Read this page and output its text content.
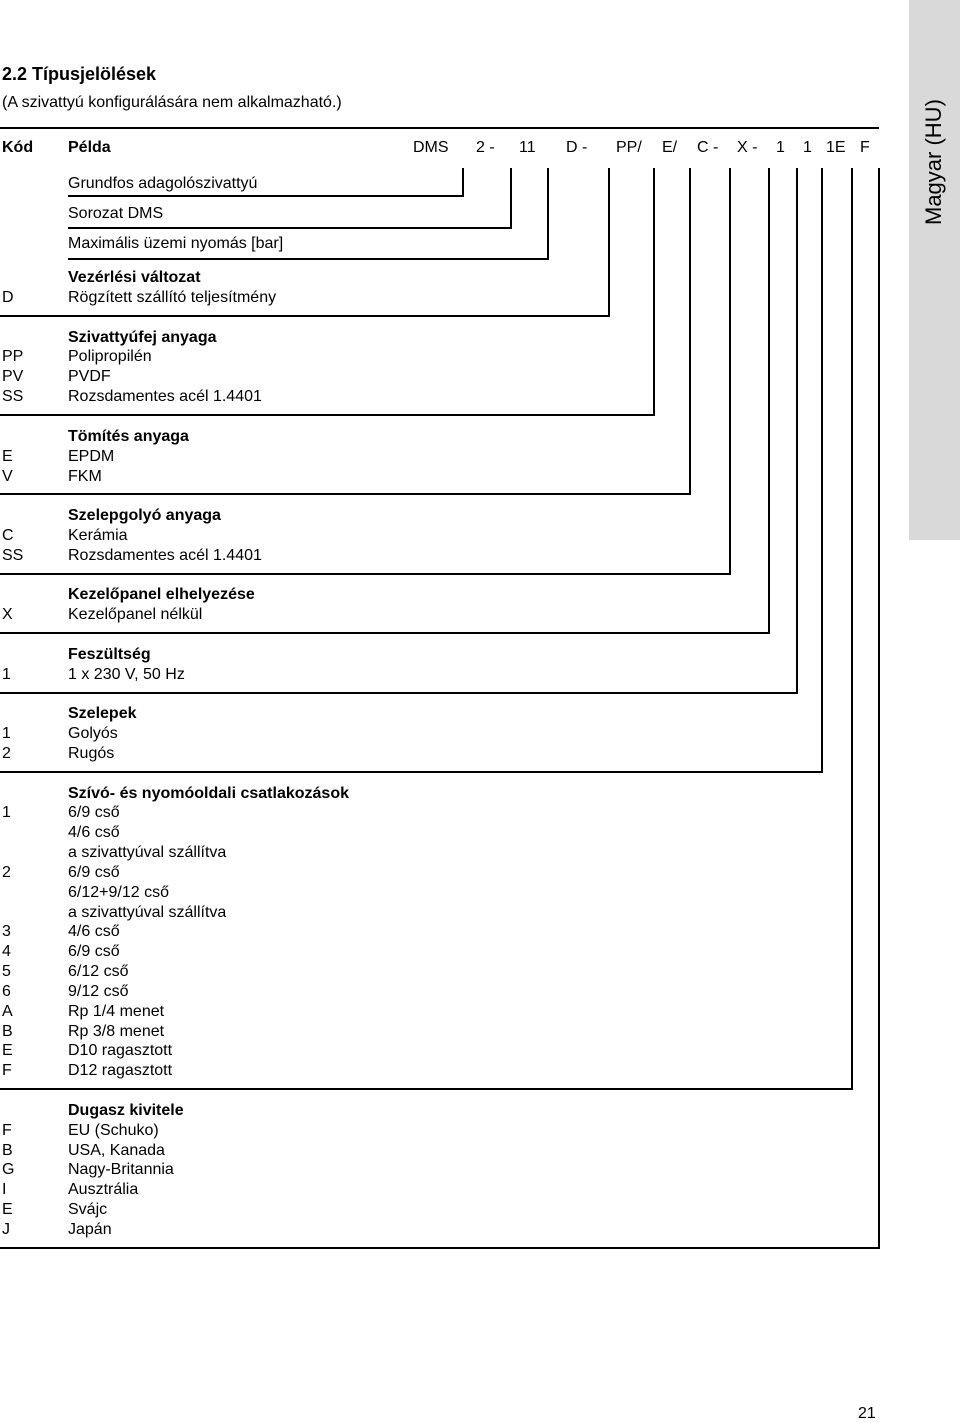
Magyar (HU)
2.2 Típusjelölések
(A szivattyú konfigurálására nem alkalmazható.)
Kód Példa	DMS 2 - 11 D - PP/ E/ C - X - 1 1 1E F
Grundfos adagolószivattyú
Sorozat DMS
Maximális üzemi nyomás [bar]
Vezérlési változat
D	Rögzített szállító teljesítmény
Szivattyúfej anyaga
PP	Polipropilén
PV	PVDF
SS	Rozsdamentes acél 1.4401
Tömítés anyaga
E	EPDM
V	FKM
Szelepgolyó anyaga
C	Kerámia
SS	Rozsdamentes acél 1.4401
Kezelőpanel elhelyezése
X	Kezelőpanel nélkül
Feszültség
1	1 x 230 V, 50 Hz
Szelepek
1	Golyós
2	Rugós
Szívó- és nyomóoldali csatlakozások
1	6/9 cső
4/6 cső
a szivattyúval szállítva
2	6/9 cső
6/12+9/12 cső
a szivattyúval szállítva
3	4/6 cső
4	6/9 cső
5	6/12 cső
6	9/12 cső
A	Rp 1/4 menet
B	Rp 3/8 menet
E	D10 ragasztott
F	D12 ragasztott
Dugasz kivitele
F	EU (Schuko)
B	USA, Kanada
G	Nagy-Britannia
I	Ausztrália
E	Svájc
J	Japán
21
